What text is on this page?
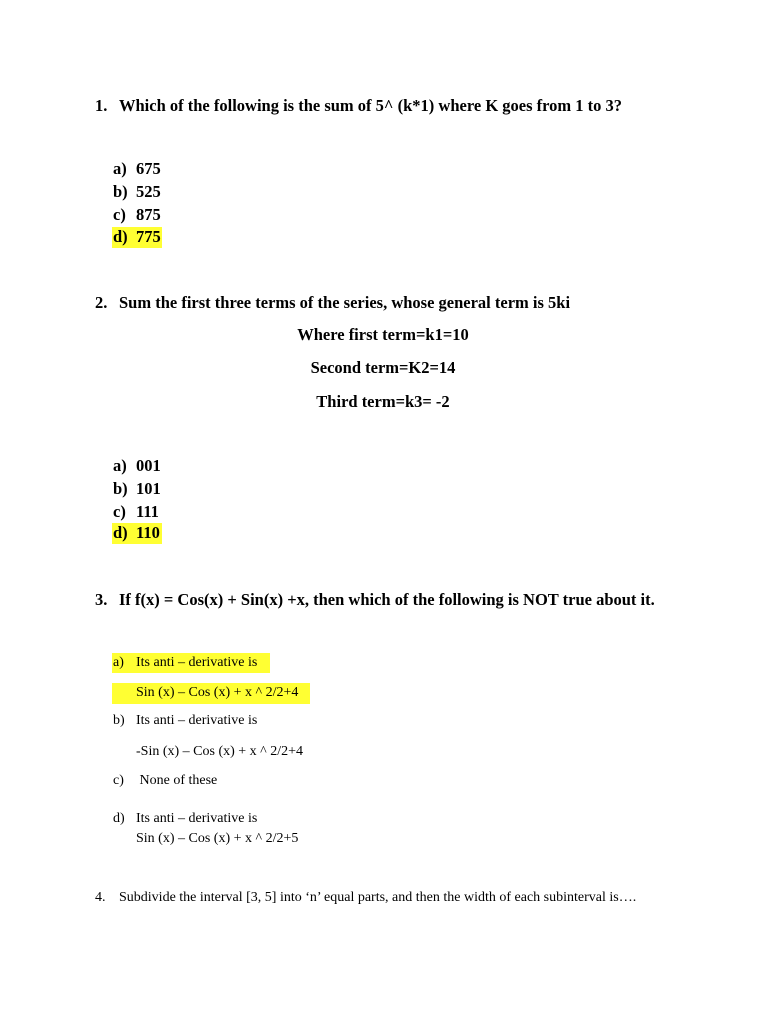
1. Which of the following is the sum of 5^ (k*1) where K goes from 1 to 3?
a) 675
b) 525
c) 875
d) 775
2. Sum the first three terms of the series, whose general term is 5ki
Where first term=k1=10
Second term=K2=14
Third term=k3= -2
a) 001
b) 101
c) 111
d) 110
3. If f(x) = Cos(x) + Sin(x) +x, then which of the following is NOT true about it.
a) Its anti – derivative is
Sin (x) – Cos (x) + x ^ 2/2+4
b) Its anti – derivative is
-Sin (x) – Cos (x) + x ^ 2/2+4
c) None of these
d) Its anti – derivative is
Sin (x) – Cos (x) + x ^ 2/2+5
4. Subdivide the interval [3, 5] into ‘n’ equal parts, and then the width of each subinterval is….
